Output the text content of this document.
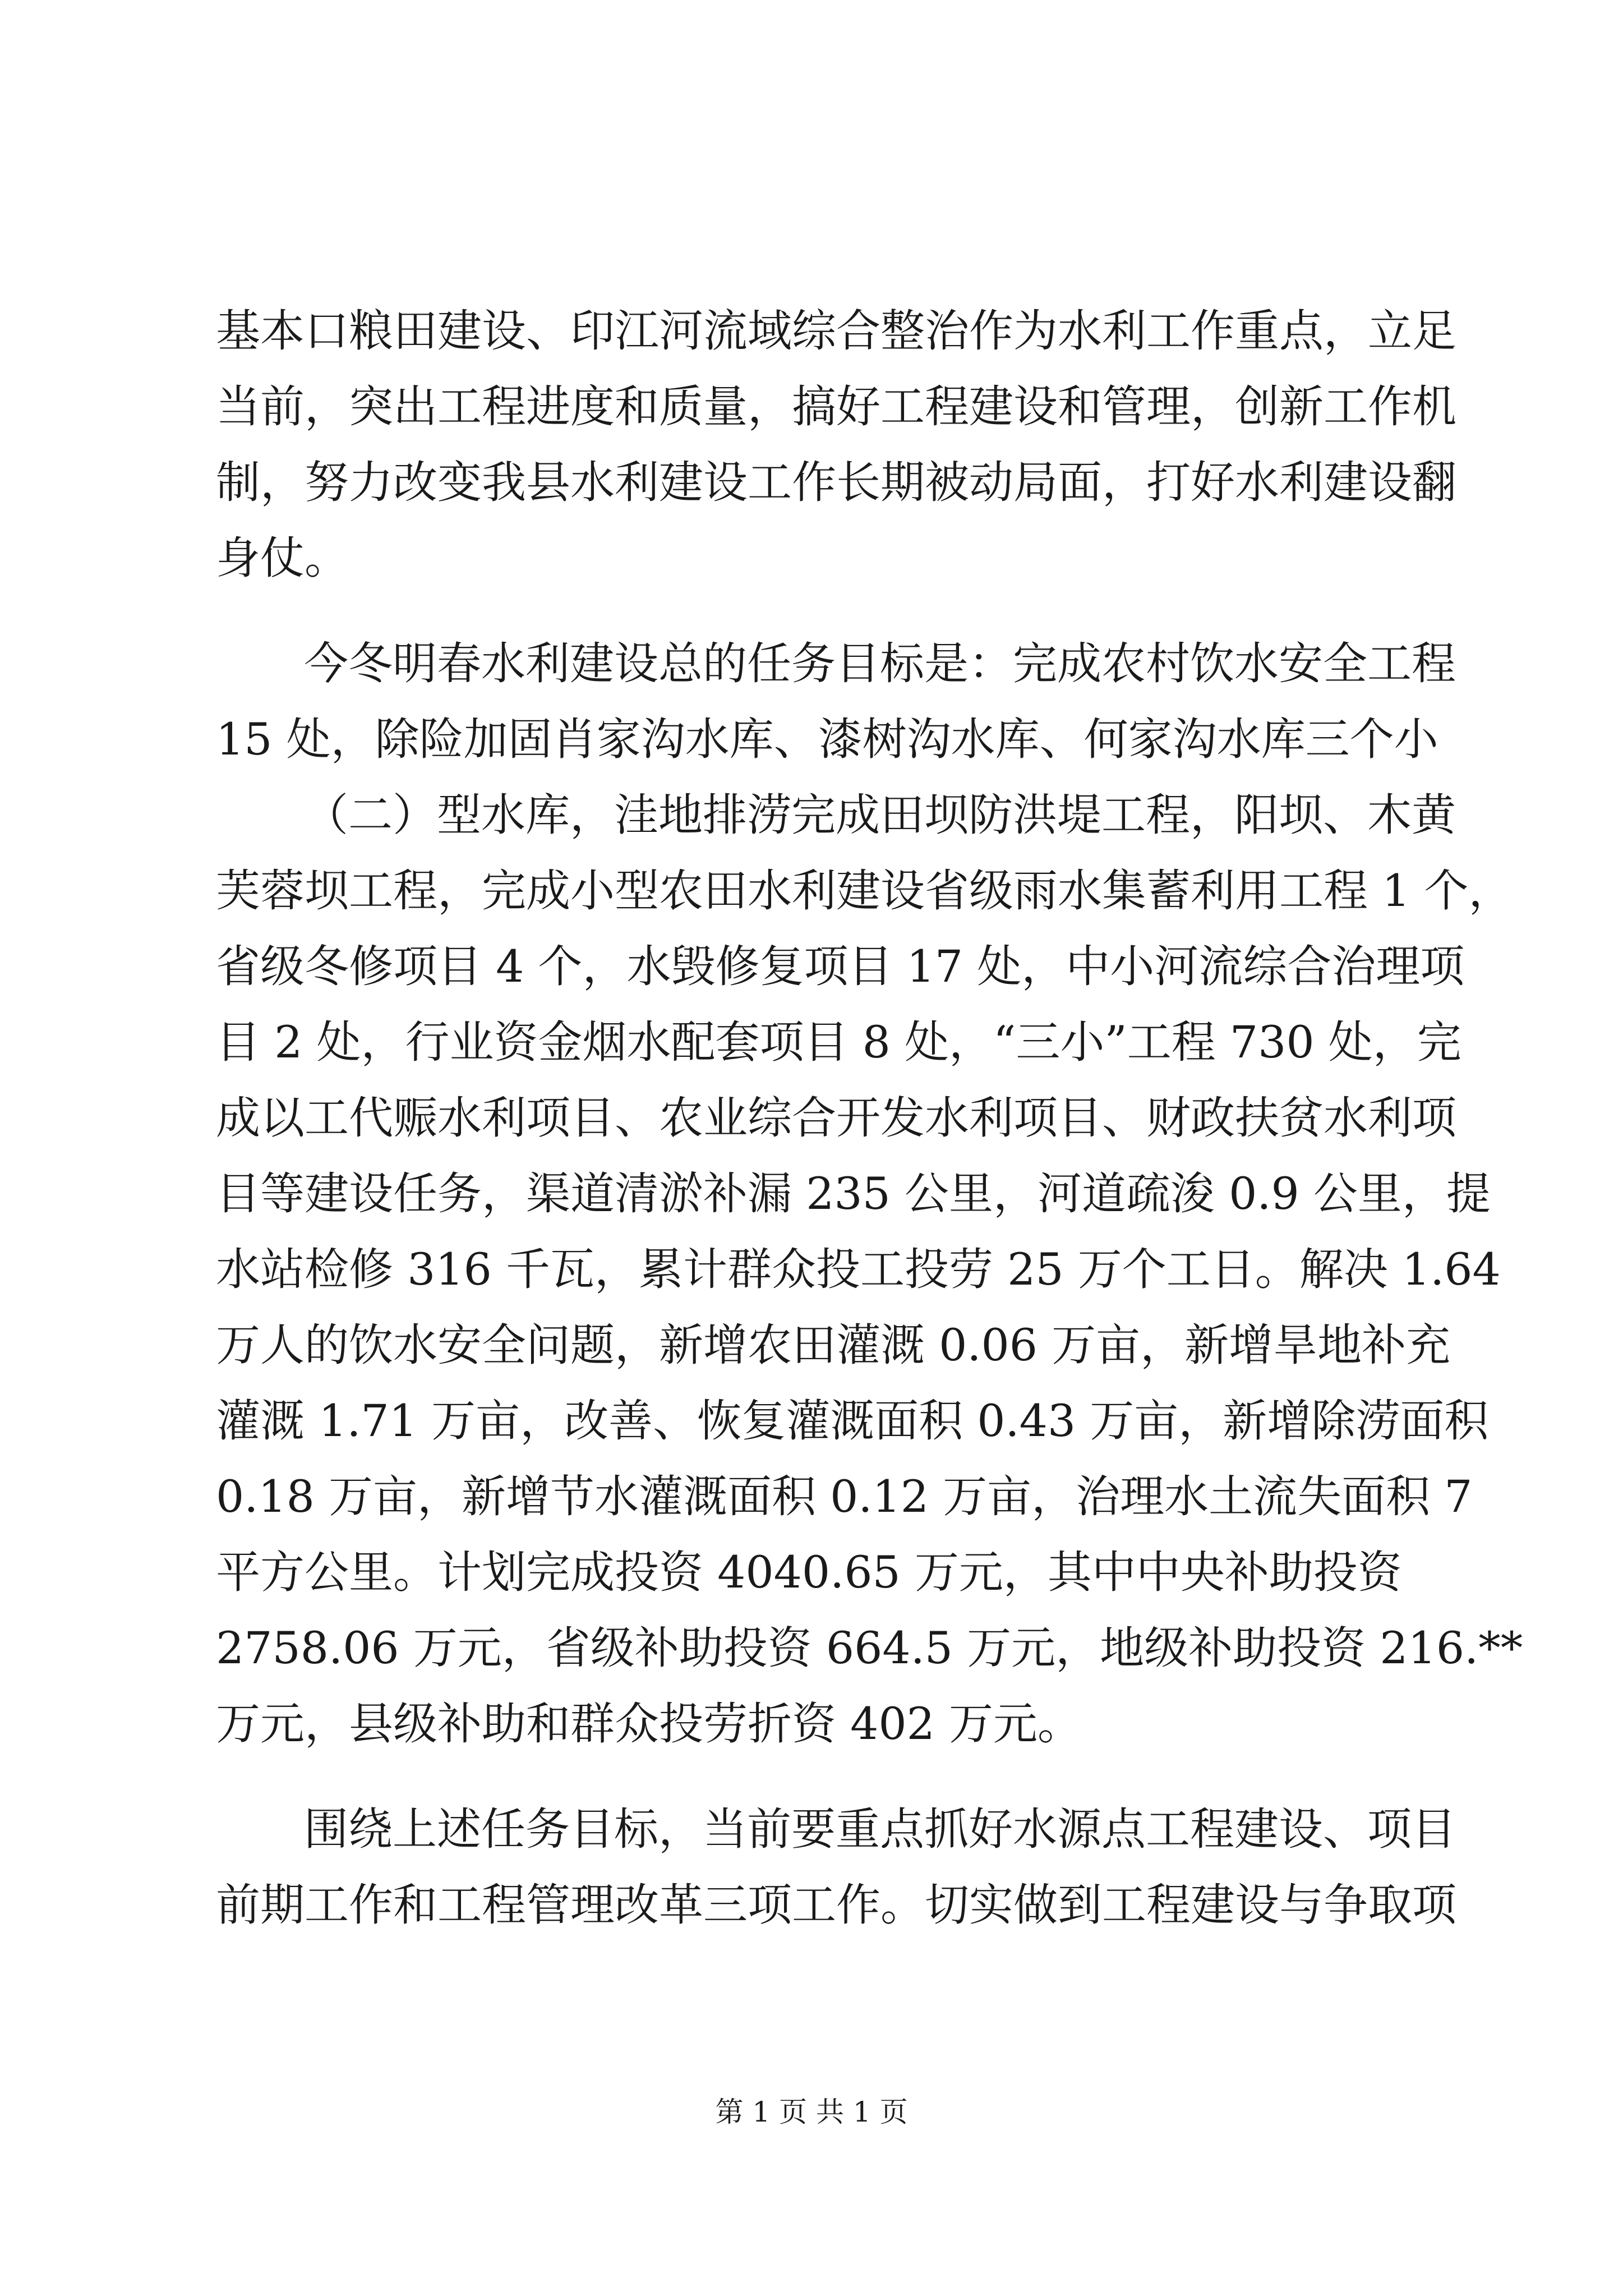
基本口粮田建设、印江河流域综合整治作为水利工作重点，立足
当前，突出工程进度和质量，搞好工程建设和管理，创新工作机
制，努力改变我县水利建设工作长期被动局面，打好水利建设翻
身仗。
今冬明春水利建设总的任务目标是：完成农村饮水安全工程
15 处，除险加固肖家沟水库、漆树沟水库、何家沟水库三个小
（二）型水库，洼地排涝完成田坝防洪堤工程，阳坝、木黄
芙蓉坝工程，完成小型农田水利建设省级雨水集蓄利用工程 1 个，
省级冬修项目 4 个，水毁修复项目 17 处，中小河流综合治理项
目 2 处，行业资金烟水配套项目 8 处，“三小”工程 730 处，完
成以工代赈水利项目、农业综合开发水利项目、财政扶贫水利项
目等建设任务，渠道清淤补漏 235 公里，河道疏浚 0.9 公里，提
水站检修 316 千瓦，累计群众投工投劳 25 万个工日。解决 1.64
万人的饮水安全问题，新增农田灌溉 0.06 万亩，新增旱地补充
灌溉 1.71 万亩，改善、恢复灌溉面积 0.43 万亩，新增除涝面积
0.18 万亩，新增节水灌溉面积 0.12 万亩，治理水土流失面积 7
平方公里。计划完成投资 4040.65 万元，其中中央补助投资
2758.06 万元，省级补助投资 664.5 万元，地级补助投资 216.**
万元，县级补助和群众投劳折资 402 万元。
围绕上述任务目标，当前要重点抓好水源点工程建设、项目
前期工作和工程管理改革三项工作。切实做到工程建设与争取项
第 1 页 共 1 页
